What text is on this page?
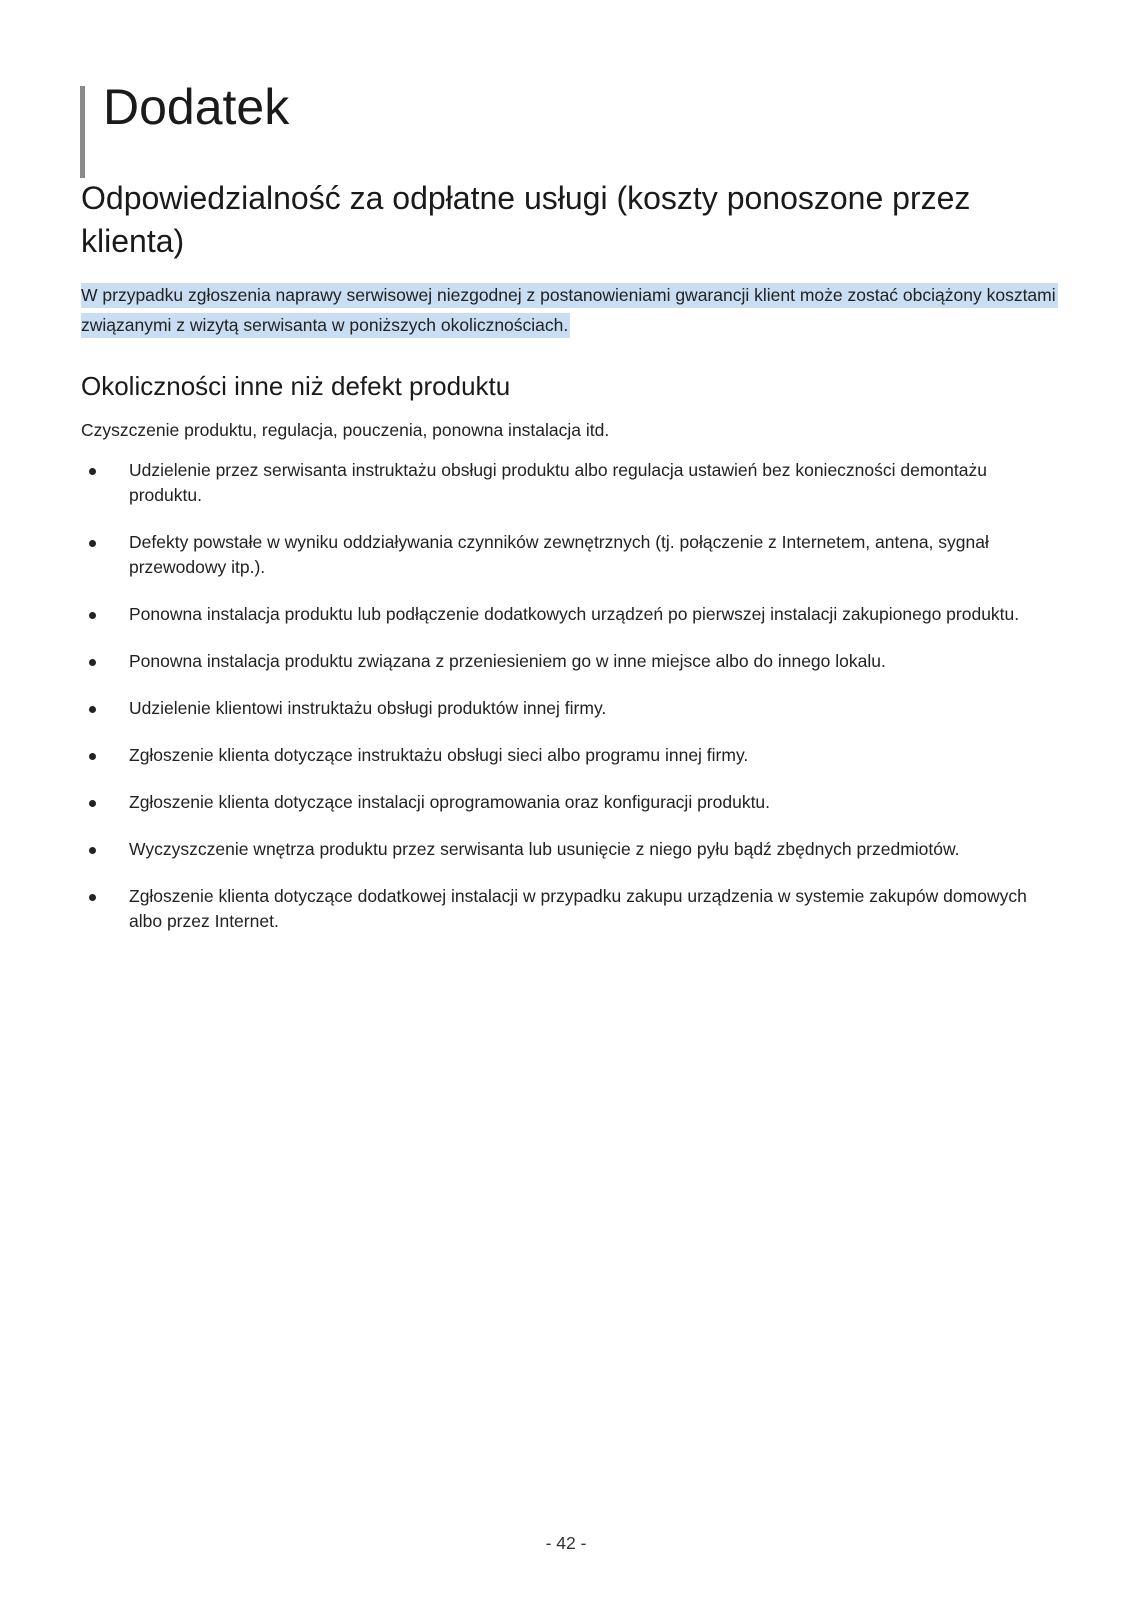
Dodatek
Odpowiedzialność za odpłatne usługi (koszty ponoszone przez klienta)

W przypadku zgłoszenia naprawy serwisowej niezgodnej z postanowieniami gwarancji klient może zostać obciążony kosztami związanymi z wizytą serwisanta w poniższych okolicznościach.

Okoliczności inne niż defekt produktu

Czyszczenie produktu, regulacja, pouczenia, ponowna instalacja itd.

Udzielenie przez serwisanta instruktażu obsługi produktu albo regulacja ustawień bez konieczności demontażu produktu.
Defekty powstałe w wyniku oddziaływania czynników zewnętrznych (tj. połączenie z Internetem, antena, sygnał przewodowy itp.).
Ponowna instalacja produktu lub podłączenie dodatkowych urządzeń po pierwszej instalacji zakupionego produktu.
Ponowna instalacja produktu związana z przeniesieniem go w inne miejsce albo do innego lokalu.
Udzielenie klientowi instruktażu obsługi produktów innej firmy.
Zgłoszenie klienta dotyczące instruktażu obsługi sieci albo programu innej firmy.
Zgłoszenie klienta dotyczące instalacji oprogramowania oraz konfiguracji produktu.
Wyczyszczenie wnętrza produktu przez serwisanta lub usunięcie z niego pyłu bądź zbędnych przedmiotów.
Zgłoszenie klienta dotyczące dodatkowej instalacji w przypadku zakupu urządzenia w systemie zakupów domowych albo przez Internet.

- 42 -
